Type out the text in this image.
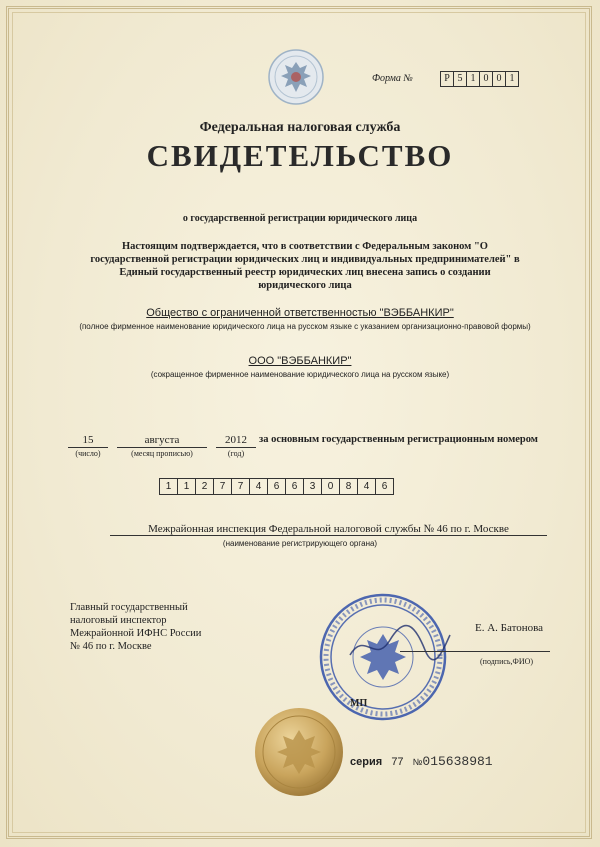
Форма №	Р 5 1 0 0 1
Федеральная налоговая служба
СВИДЕТЕЛЬСТВО
о государственной регистрации юридического лица
Настоящим подтверждается, что в соответствии с Федеральным законом "О государственной регистрации юридических лиц и индивидуальных предпринимателей" в Единый государственный реестр юридических лиц внесена запись о создании юридического лица
Общество с ограниченной ответственностью "ВЭББАНКИР"
(полное фирменное наименование юридического лица на русском языке с указанием организационно-правовой формы)
ООО "ВЭББАНКИР"
(сокращенное фирменное наименование юридического лица на русском языке)
15
(число)
августа
(месяц прописью)
2012
(год)
за основным государственным регистрационным номером
1	1	2	7	7	4	6	6	3	0	8	4	6
Межрайонная инспекция Федеральной налоговой службы № 46 по г. Москве
(наименование регистрирующего органа)
Главный государственный
налоговый инспектор
Межрайонной ИФНС России
№ 46 по г. Москве
Е. А. Батонова
(подпись,ФИО)
МП
серия 77 №015638981
